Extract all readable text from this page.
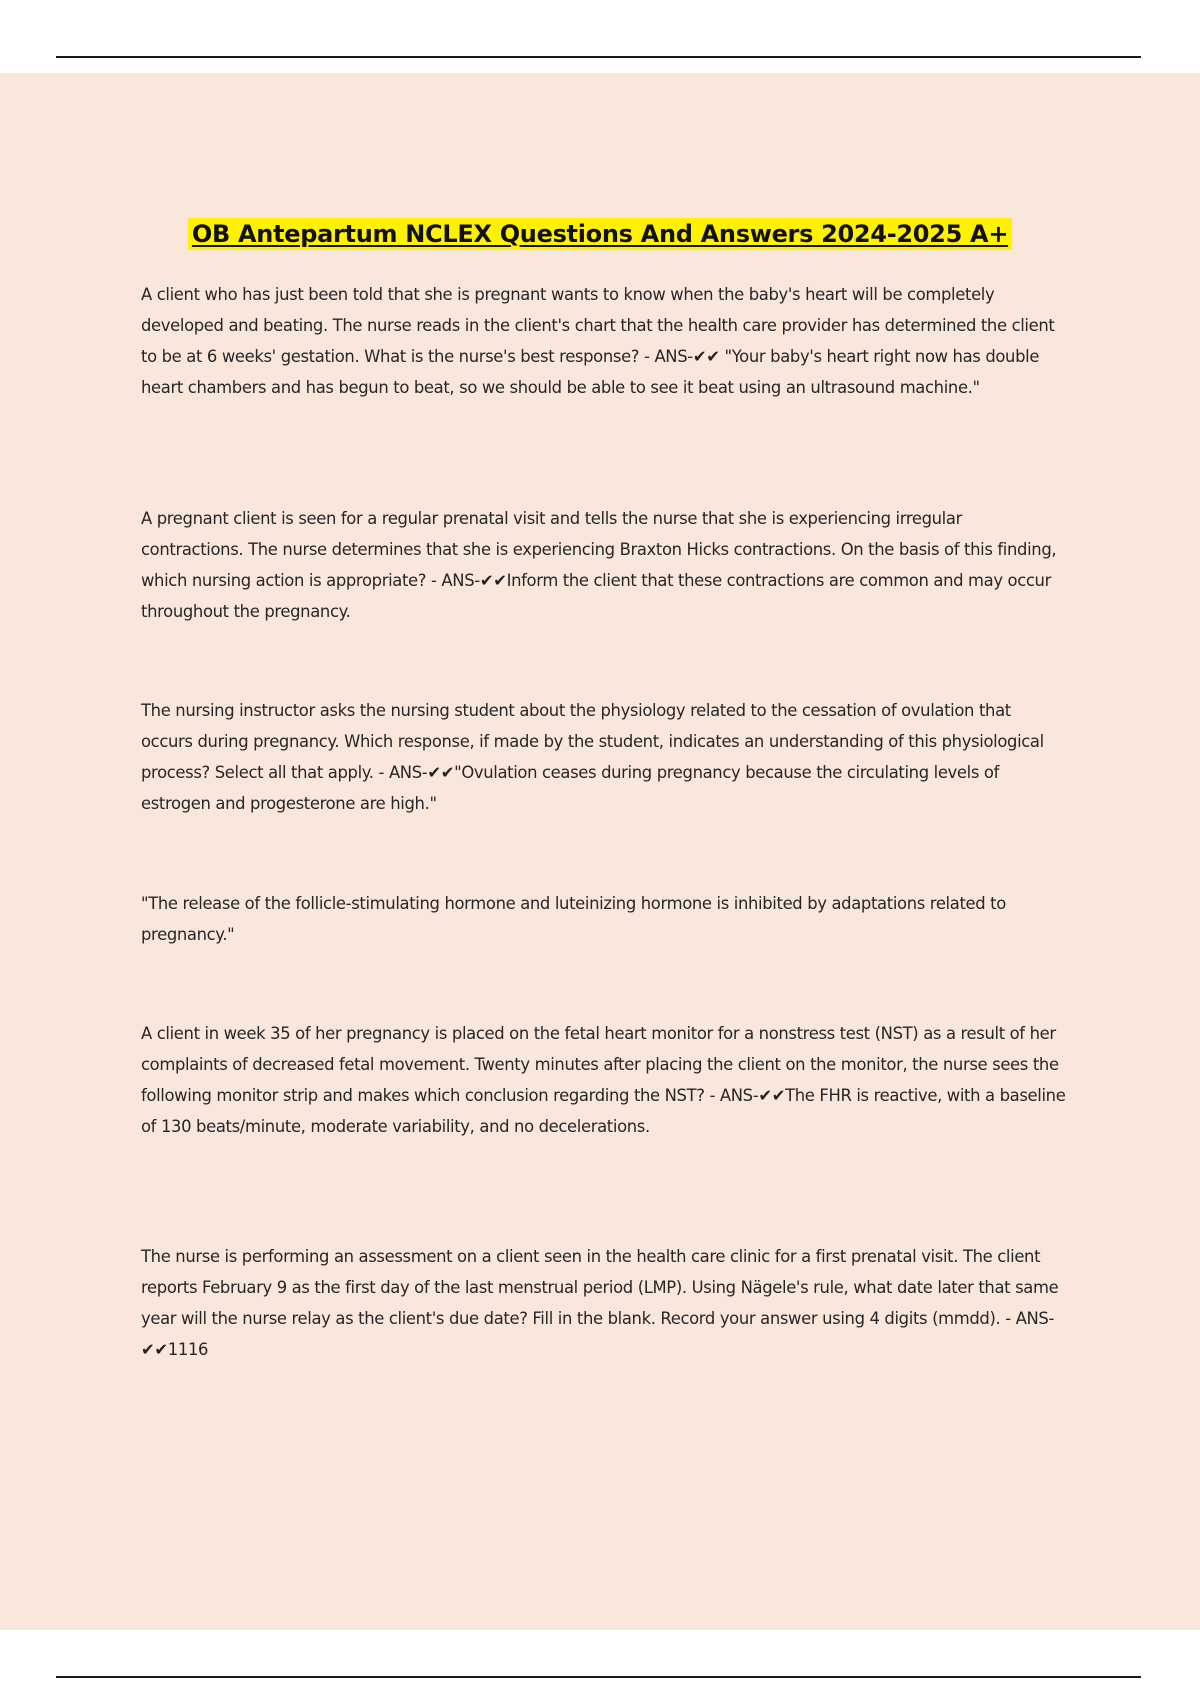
OB Antepartum NCLEX Questions And Answers 2024-2025 A+

A client who has just been told that she is pregnant wants to know when the baby's heart will be completely developed and beating. The nurse reads in the client's chart that the health care provider has determined the client to be at 6 weeks' gestation. What is the nurse's best response? - ANS-✔✔ "Your baby's heart right now has double heart chambers and has begun to beat, so we should be able to see it beat using an ultrasound machine."

A pregnant client is seen for a regular prenatal visit and tells the nurse that she is experiencing irregular contractions. The nurse determines that she is experiencing Braxton Hicks contractions. On the basis of this finding, which nursing action is appropriate? - ANS-✔✔Inform the client that these contractions are common and may occur throughout the pregnancy.

The nursing instructor asks the nursing student about the physiology related to the cessation of ovulation that occurs during pregnancy. Which response, if made by the student, indicates an understanding of this physiological process? Select all that apply. - ANS-✔✔"Ovulation ceases during pregnancy because the circulating levels of estrogen and progesterone are high."

"The release of the follicle-stimulating hormone and luteinizing hormone is inhibited by adaptations related to pregnancy."

A client in week 35 of her pregnancy is placed on the fetal heart monitor for a nonstress test (NST) as a result of her complaints of decreased fetal movement. Twenty minutes after placing the client on the monitor, the nurse sees the following monitor strip and makes which conclusion regarding the NST? - ANS-✔✔The FHR is reactive, with a baseline of 130 beats/minute, moderate variability, and no decelerations.

The nurse is performing an assessment on a client seen in the health care clinic for a first prenatal visit. The client reports February 9 as the first day of the last menstrual period (LMP). Using Nägele's rule, what date later that same year will the nurse relay as the client's due date? Fill in the blank. Record your answer using 4 digits (mmdd). - ANS-✔✔1116
